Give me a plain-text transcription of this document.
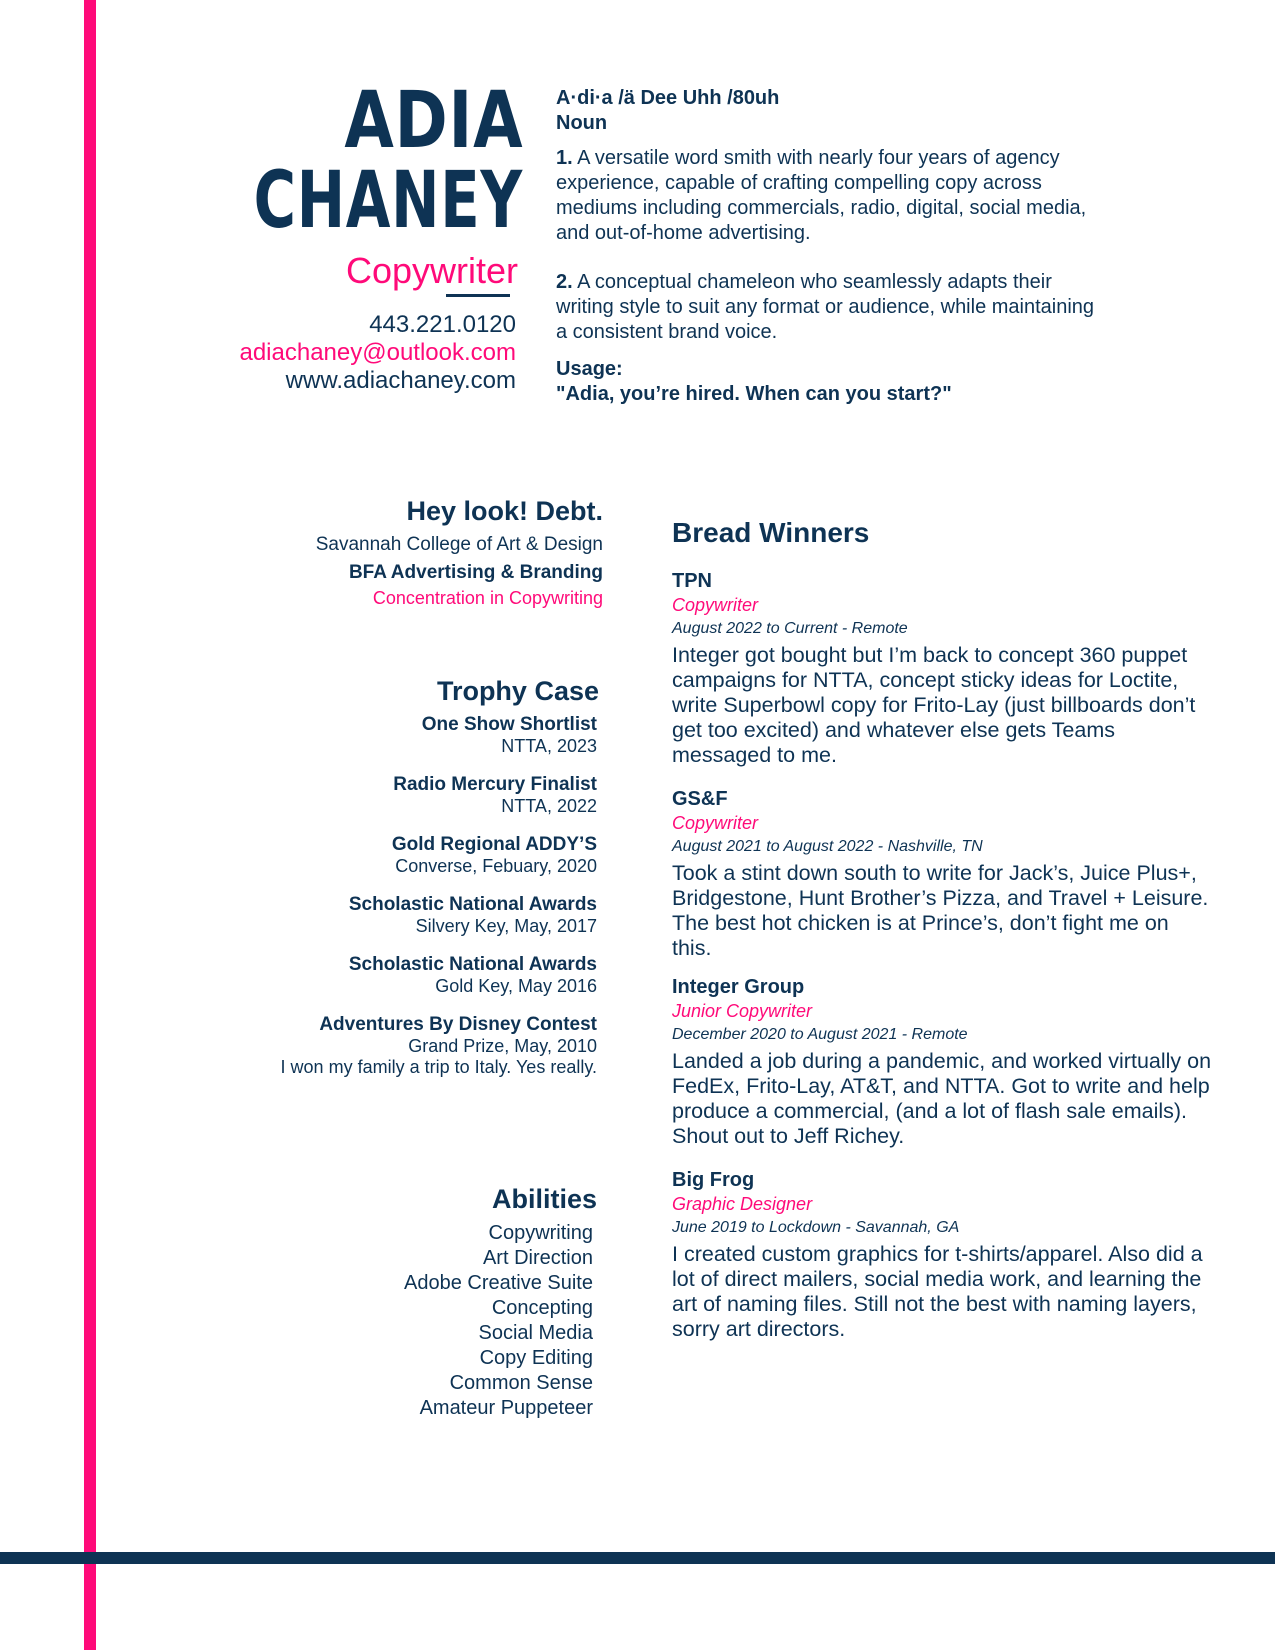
ADIA
CHANEY
Copywriter
443.221.0120
adiachaney@outlook.com
www.adiachaney.com

A·di·a /ä Dee Uhh /80uh

Noun

1. A versatile word smith with nearly four years of agency experience, capable of crafting compelling copy across mediums including commercials, radio, digital, social media, and out-of-home advertising.

2. A conceptual chameleon who seamlessly adapts their writing style to suit any format or audience, while maintaining a consistent brand voice.

Usage:

"Adia, you’re hired. When can you start?"

Hey look! Debt.
Savannah College of Art & Design
BFA Advertising & Branding
Concentration in Copywriting
Trophy Case
One Show Shortlist
NTTA, 2023
Radio Mercury Finalist
NTTA, 2022
Gold Regional ADDY’S
Converse, Febuary, 2020
Scholastic National Awards
Silvery Key, May, 2017
Scholastic National Awards
Gold Key, May 2016
Adventures By Disney Contest
Grand Prize, May, 2010
I won my family a trip to Italy. Yes really.
Abilities
Copywriting
Art Direction
Adobe Creative Suite
Concepting
Social Media
Copy Editing
Common Sense
Amateur Puppeteer
Bread Winners
TPN
Copywriter
August 2022 to Current - Remote
Integer got bought but I’m back to concept 360 puppet campaigns for NTTA, concept sticky ideas for Loctite, write Superbowl copy for Frito-Lay (just billboards don’t get too excited) and whatever else gets Teams messaged to me.
GS&F
Copywriter
August 2021 to August 2022 - Nashville, TN
Took a stint down south to write for Jack’s, Juice Plus+, Bridgestone, Hunt Brother’s Pizza, and Travel + Leisure. The best hot chicken is at Prince’s, don’t fight me on this.
Integer Group
Junior Copywriter
December 2020 to August 2021 - Remote
Landed a job during a pandemic, and worked virtually on FedEx, Frito-Lay, AT&T, and NTTA. Got to write and help produce a commercial, (and a lot of flash sale emails). Shout out to Jeff Richey.
Big Frog
Graphic Designer
June 2019 to Lockdown - Savannah, GA
I created custom graphics for t-shirts/apparel. Also did a lot of direct mailers, social media work, and learning the art of naming files. Still not the best with naming layers, sorry art directors.
